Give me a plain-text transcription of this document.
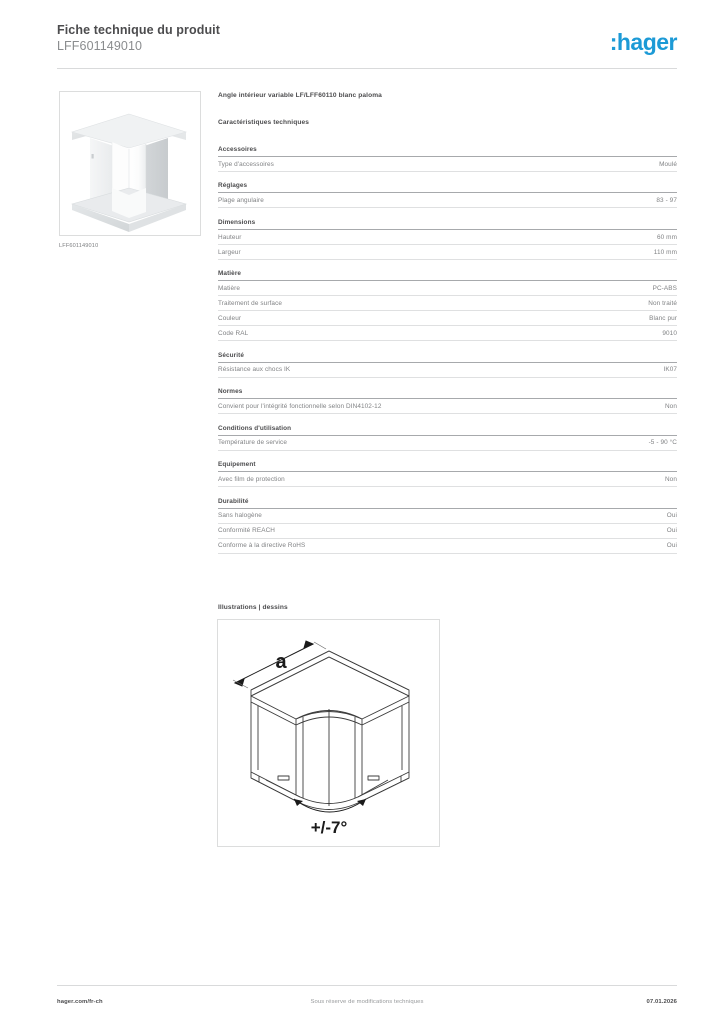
Fiche technique du produit
LFF601149010	:hager
LFF601149010
Angle intérieur variable LF/LFF60110 blanc paloma
Caractéristiques techniques
Accessoires
Type d'accessoires	Moulé
Réglages
Plage angulaire	83 - 97
Dimensions
Hauteur	60 mm
Largeur	110 mm
Matière
Matière	PC-ABS
Traitement de surface	Non traité
Couleur	Blanc pur
Code RAL	9010
Sécurité
Résistance aux chocs IK	IK07
Normes
Convient pour l'intégrité fonctionnelle selon DIN4102-12	Non
Conditions d'utilisation
Température de service	-5 - 90 °C
Equipement
Avec film de protection	Non
Durabilité
Sans halogène	Oui
Conformité REACH	Oui
Conforme à la directive RoHS	Oui
Illustrations | dessins
a
+/-7°
hager.com/fr-ch	Sous réserve de modifications techniques	07.01.2026
